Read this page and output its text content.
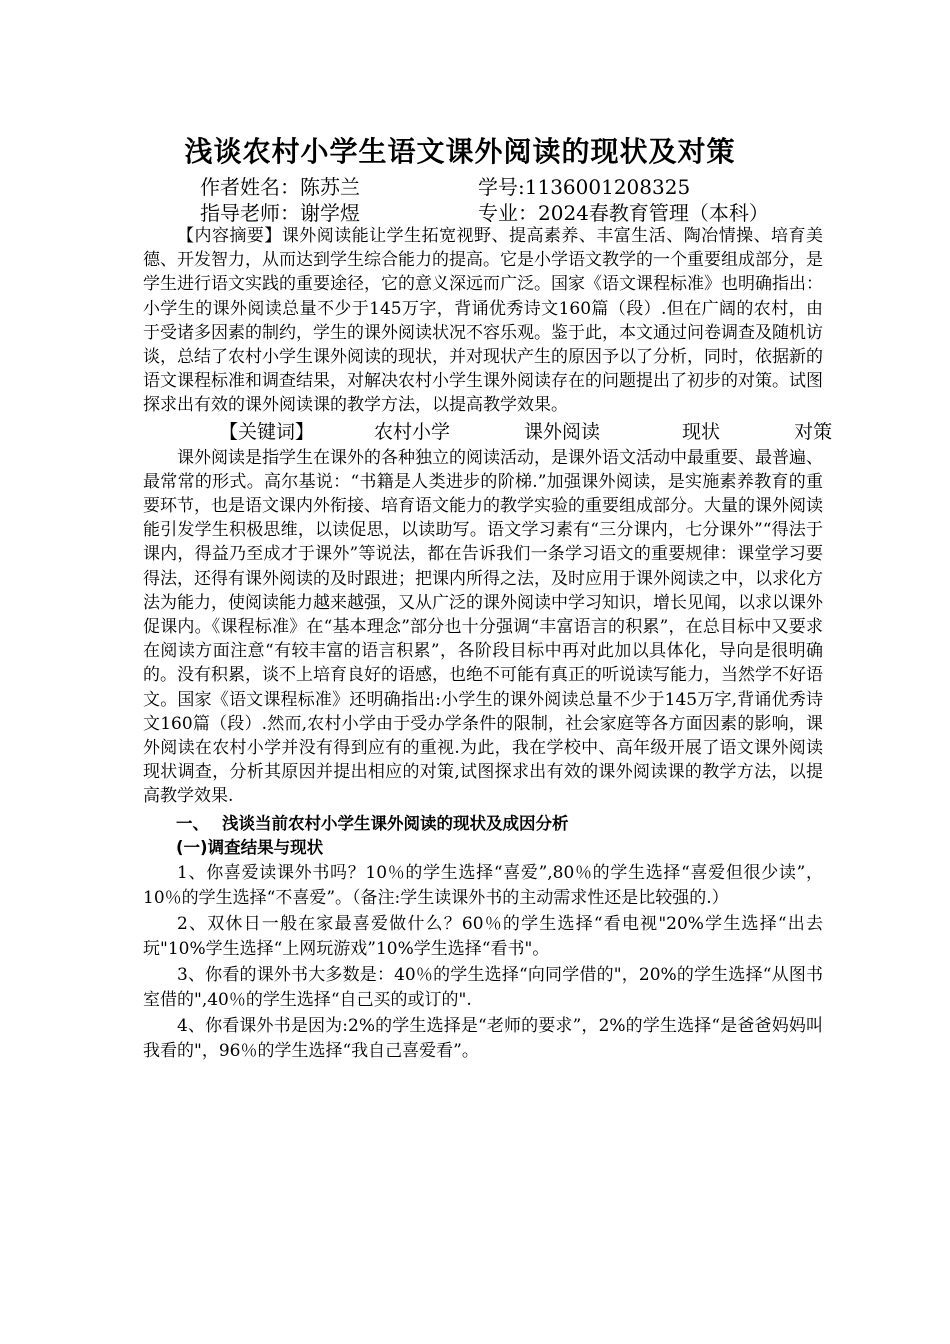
浅谈农村小学生语文课外阅读的现状及对策
作者姓名：陈苏兰	学号:1136001208325
指导老师：谢学煜	专业：2024春教育管理（本科）

【内容摘要】课外阅读能让学生拓宽视野、提高素养、丰富生活、陶冶情操、培育美德、开发智力，从而达到学生综合能力的提高。它是小学语文教学的一个重要组成部分，是学生进行语文实践的重要途径，它的意义深远而广泛。国家《语文课程标准》也明确指出：小学生的课外阅读总量不少于145万字，背诵优秀诗文160篇（段）.但在广阔的农村，由于受诸多因素的制约，学生的课外阅读状况不容乐观。鉴于此，本文通过问卷调查及随机访谈，总结了农村小学生课外阅读的现状，并对现状产生的原因予以了分析，同时，依据新的语文课程标准和调查结果，对解决农村小学生课外阅读存在的问题提出了初步的对策。试图探求出有效的课外阅读课的教学方法，以提高教学效果。

【关键词】	农村小学	课外阅读	现状	对策

课外阅读是指学生在课外的各种独立的阅读活动，是课外语文活动中最重要、最普遍、最常常的形式。高尔基说：“书籍是人类进步的阶梯.”加强课外阅读，是实施素养教育的重要环节，也是语文课内外衔接、培育语文能力的教学实验的重要组成部分。大量的课外阅读能引发学生积极思维，以读促思，以读助写。语文学习素有“三分课内，七分课外”“得法于课内，得益乃至成才于课外”等说法，都在告诉我们一条学习语文的重要规律：课堂学习要得法，还得有课外阅读的及时跟进；把课内所得之法，及时应用于课外阅读之中，以求化方法为能力，使阅读能力越来越强，又从广泛的课外阅读中学习知识，增长见闻，以求以课外促课内。《课程标准》在“基本理念”部分也十分强调“丰富语言的积累”，在总目标中又要求在阅读方面注意“有较丰富的语言积累”，各阶段目标中再对此加以具体化，导向是很明确的。没有积累，谈不上培育良好的语感，也绝不可能有真正的听说读写能力，当然学不好语文。国家《语文课程标准》还明确指出:小学生的课外阅读总量不少于145万字,背诵优秀诗文160篇（段）.然而,农村小学由于受办学条件的限制，社会家庭等各方面因素的影响，课外阅读在农村小学并没有得到应有的重视.为此，我在学校中、高年级开展了语文课外阅读现状调查，分析其原因并提出相应的对策,试图探求出有效的课外阅读课的教学方法，以提高教学效果.

一、 浅谈当前农村小学生课外阅读的现状及成因分析

(一)调查结果与现状

1、你喜爱读课外书吗？10％的学生选择“喜爱”,80％的学生选择“喜爱但很少读”，10％的学生选择“不喜爱”。（备注:学生读课外书的主动需求性还是比较强的.）

2、双休日一般在家最喜爱做什么？60％的学生选择“看电视"20%学生选择“出去玩"10%学生选择“上网玩游戏”10%学生选择“看书"。

3、你看的课外书大多数是：40％的学生选择“向同学借的"，20%的学生选择“从图书室借的",40％的学生选择“自己买的或订的".

4、你看课外书是因为:2%的学生选择是“老师的要求”，2%的学生选择“是爸爸妈妈叫我看的"，96％的学生选择“我自己喜爱看”。
